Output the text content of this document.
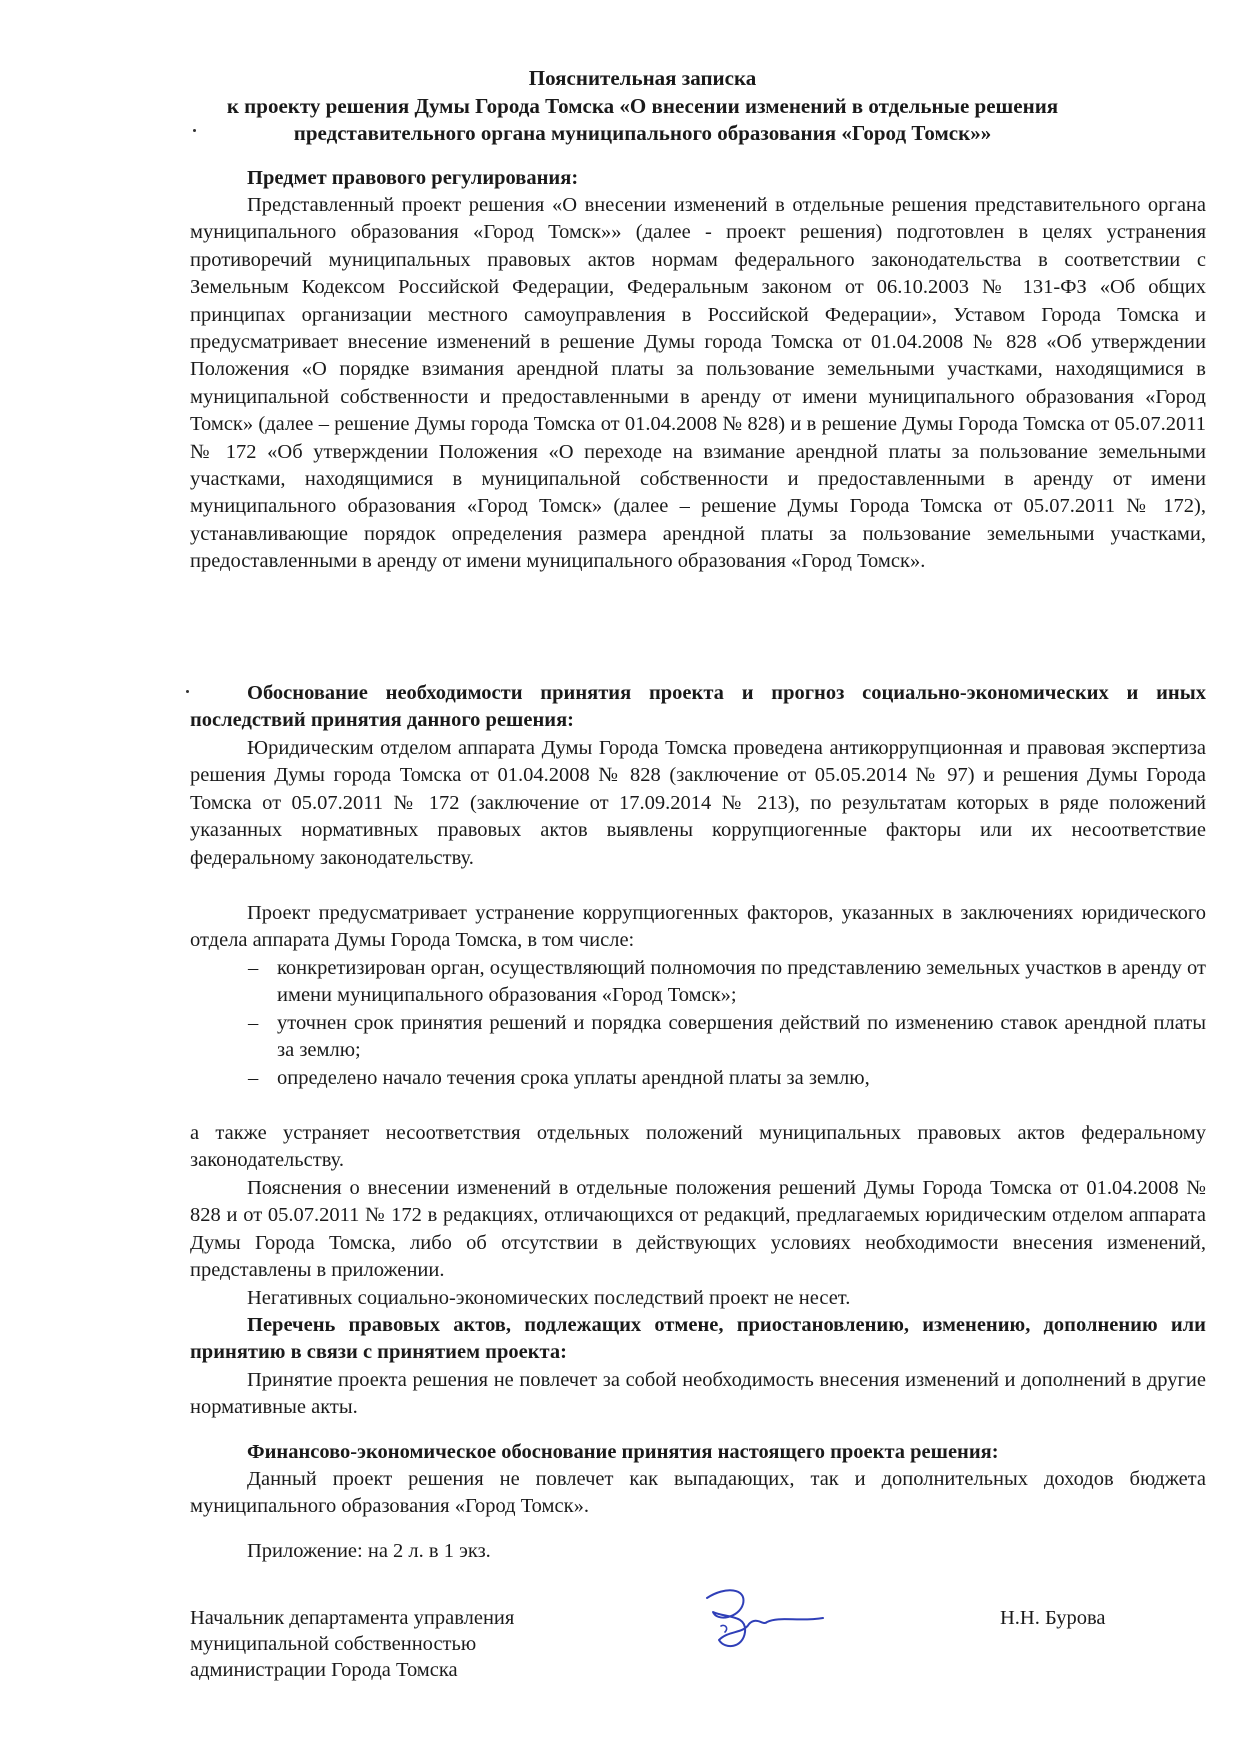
Пояснительная записка
к проекту решения Думы Города Томска «О внесении изменений в отдельные решения
представительного органа муниципального образования «Город Томск»»
Предмет правового регулирования:

Представленный проект решения «О внесении изменений в отдельные решения представительного органа муниципального образования «Город Томск»» (далее - проект решения) подготовлен в целях устранения противоречий муниципальных правовых актов нормам федерального законодательства в соответствии с Земельным Кодексом Российской Федерации, Федеральным законом от 06.10.2003 № 131-ФЗ «Об общих принципах организации местного самоуправления в Российской Федерации», Уставом Города Томска и предусматривает внесение изменений в решение Думы города Томска от 01.04.2008 № 828 «Об утверждении Положения «О порядке взимания арендной платы за пользование земельными участками, находящимися в муниципальной собственности и предоставленными в аренду от имени муниципального образования «Город Томск» (далее – решение Думы города Томска от 01.04.2008 № 828) и в решение Думы Города Томска от 05.07.2011 № 172 «Об утверждении Положения «О переходе на взимание арендной платы за пользование земельными участками, находящимися в муниципальной собственности и предоставленными в аренду от имени муниципального образования «Город Томск» (далее – решение Думы Города Томска от 05.07.2011 № 172), устанавливающие порядок определения размера арендной платы за пользование земельными участками, предоставленными в аренду от имени муниципального образования «Город Томск».

Обоснование необходимости принятия проекта и прогноз социально-экономических и иных последствий принятия данного решения:

Юридическим отделом аппарата Думы Города Томска проведена антикоррупционная и правовая экспертиза решения Думы города Томска от 01.04.2008 № 828 (заключение от 05.05.2014 № 97) и решения Думы Города Томска от 05.07.2011 № 172 (заключение от 17.09.2014 № 213), по результатам которых в ряде положений указанных нормативных правовых актов выявлены коррупциогенные факторы или их несоответствие федеральному законодательству.

Проект предусматривает устранение коррупциогенных факторов, указанных в заключениях юридического отдела аппарата Думы Города Томска, в том числе:

– конкретизирован орган, осуществляющий полномочия по представлению земельных участков в аренду от имени муниципального образования «Город Томск»;
– уточнен срок принятия решений и порядка совершения действий по изменению ставок арендной платы за землю;
– определено начало течения срока уплаты арендной платы за землю,

а также устраняет несоответствия отдельных положений муниципальных правовых актов федеральному законодательству.

Пояснения о внесении изменений в отдельные положения решений Думы Города Томска от 01.04.2008 № 828 и от 05.07.2011 № 172 в редакциях, отличающихся от редакций, предлагаемых юридическим отделом аппарата Думы Города Томска, либо об отсутствии в действующих условиях необходимости внесения изменений, представлены в приложении.

Негативных социально-экономических последствий проект не несет.

Перечень правовых актов, подлежащих отмене, приостановлению, изменению, дополнению или принятию в связи с принятием проекта:

Принятие проекта решения не повлечет за собой необходимость внесения изменений и дополнений в другие нормативные акты.

Финансово-экономическое обоснование принятия настоящего проекта решения:

Данный проект решения не повлечет как выпадающих, так и дополнительных доходов бюджета муниципального образования «Город Томск».

Приложение: на 2 л. в 1 экз.
Начальник департамента управления
муниципальной собственностью
администрации Города Томска
Н.Н. Бурова
